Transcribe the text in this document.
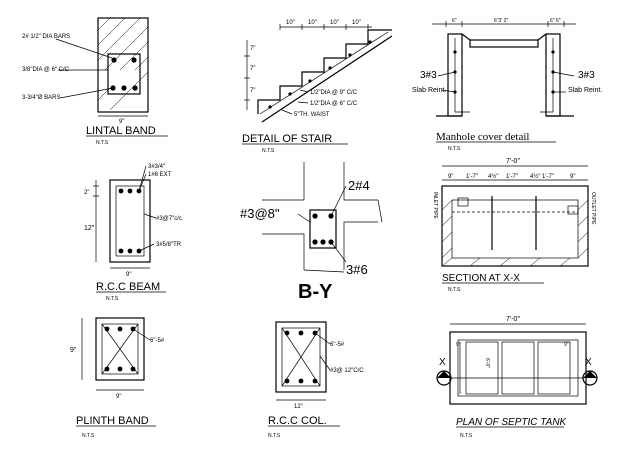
2# 1/2" DIA BARS
3/8"DIA @ 6" C/C
3-3/4"Ø BARS
9"
LINTAL BAND
N.T.S
10" 10" 10" 10"
7"
7"
7"	1/2"DIA @ 9" C/C
1/2"DIA @ 6" C/C
5"TH. WAIST
DETAIL OF STAIR
N.T.S
6"	6"3' 2"	6" 6"
3#3
Slab Reint.
3#3
Slab Reint.
Manhole cover detail
N.T.S
3#3/4"
1#6 EXT
#3@7"c/c
3#5/8"TR
2"
12"
9"
R.C.C BEAM
N.T.S
2#4
#3@8"
3#6
B-Y
7'-0"
9" 1'-7" 4½" 1'-7" 4½" 1'-7"	9"
INLET PIPE	OUTLET PIPE
SECTION AT X-X
N.T.S
6"-5#
9"
9"
PLINTH BAND
N.T.S
6"-5#
#3@ 12"C/C
12"
R.C.C COL.
N.T.S
7'-0"
9"
6'-0"
9"
X	X
PLAN OF SEPTIC TANK
N.T.S
